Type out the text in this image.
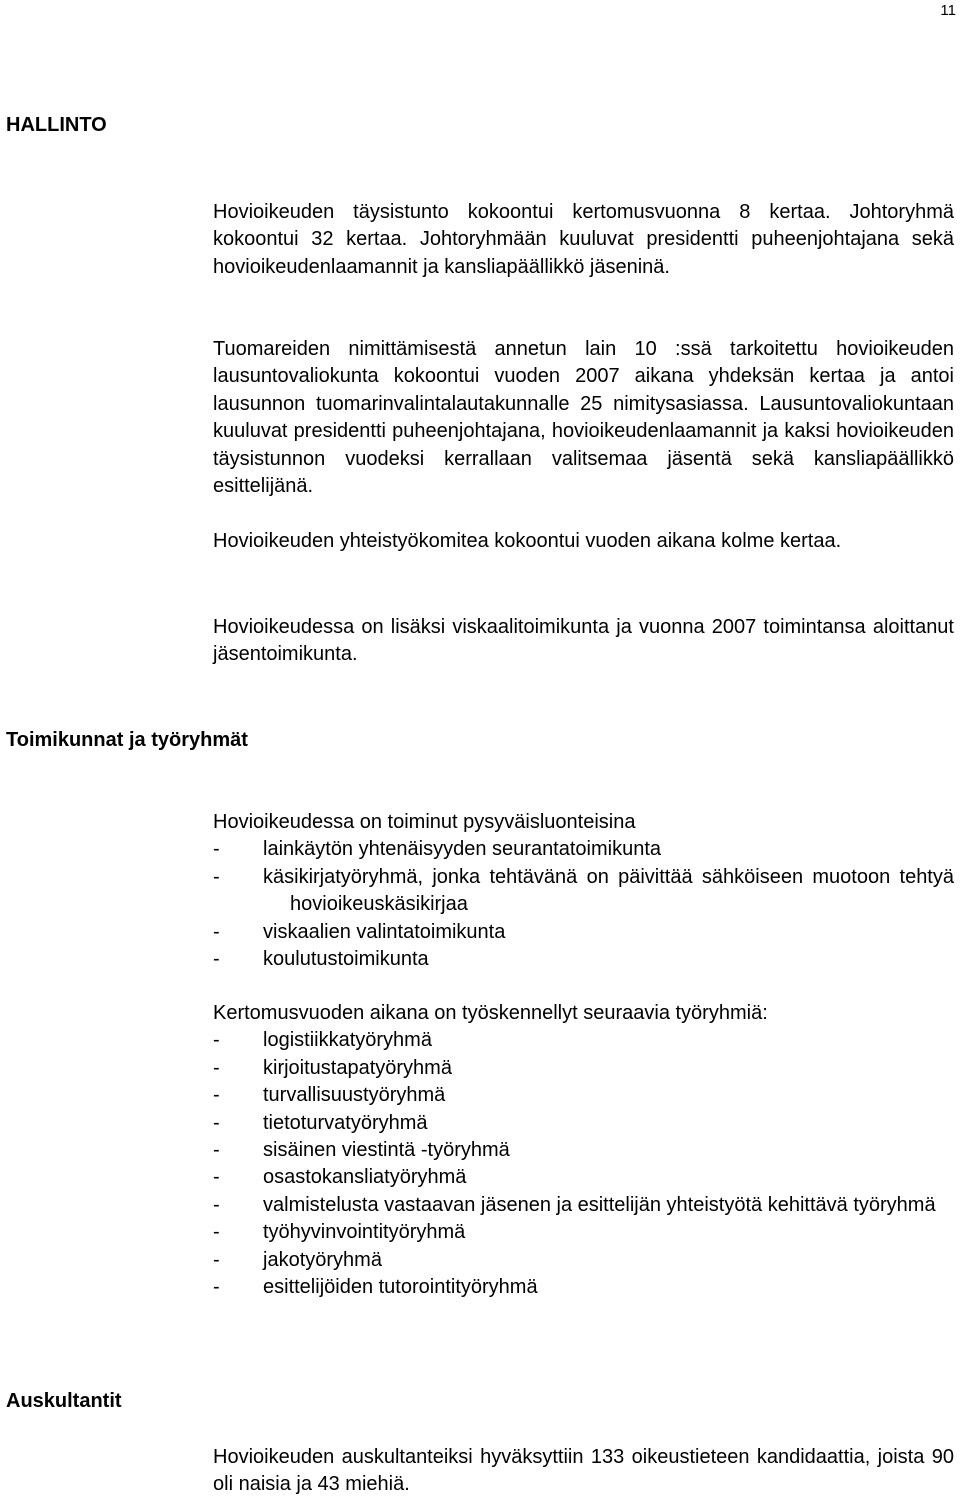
11
HALLINTO

Hovioikeuden täysistunto kokoontui kertomusvuonna 8 kertaa. Johtoryhmä kokoontui 32 kertaa. Johtoryhmään kuuluvat presidentti puheenjohtajana sekä hovioikeudenlaamannit ja kansliapäällikkö jäseninä.

Tuomareiden nimittämisestä annetun lain 10 :ssä tarkoitettu hovioikeuden lausuntovaliokunta kokoontui vuoden 2007 aikana yhdeksän kertaa ja antoi lausunnon tuomarinvalintalautakunnalle 25 nimitysasiassa. Lausuntovaliokuntaan kuuluvat presidentti puheenjohtajana, hovioikeudenlaamannit ja kaksi hovioikeuden täysistunnon vuodeksi kerrallaan valitsemaa jäsentä sekä kansliapäällikkö esittelijänä.

Hovioikeuden yhteistyökomitea kokoontui vuoden aikana kolme kertaa.

Hovioikeudessa on lisäksi viskaalitoimikunta ja vuonna 2007 toimintansa aloittanut jäsentoimikunta.

Toimikunnat ja työryhmät

Hovioikeudessa on toiminut pysyväisluonteisina

- lainkäytön yhtenäisyyden seurantatoimikunta
- käsikirjatyöryhmä, jonka tehtävänä on päivittää sähköiseen muotoon tehtyä hovioikeuskäsikirjaa
- viskaalien valintatoimikunta
- koulutustoimikunta

Kertomusvuoden aikana on työskennellyt seuraavia työryhmiä:

- logistiikkatyöryhmä
- kirjoitustapatyöryhmä
- turvallisuustyöryhmä
- tietoturvatyöryhmä
- sisäinen viestintä -työryhmä
- osastokansliatyöryhmä
- valmistelusta vastaavan jäsenen ja esittelijän yhteistyötä kehittävä työryhmä
- työhyvinvointityöryhmä
- jakotyöryhmä
- esittelijöiden tutorointityöryhmä
Auskultantit

Hovioikeuden auskultanteiksi hyväksyttiin 133 oikeustieteen kandidaattia, joista 90 oli naisia ja 43 miehiä.
